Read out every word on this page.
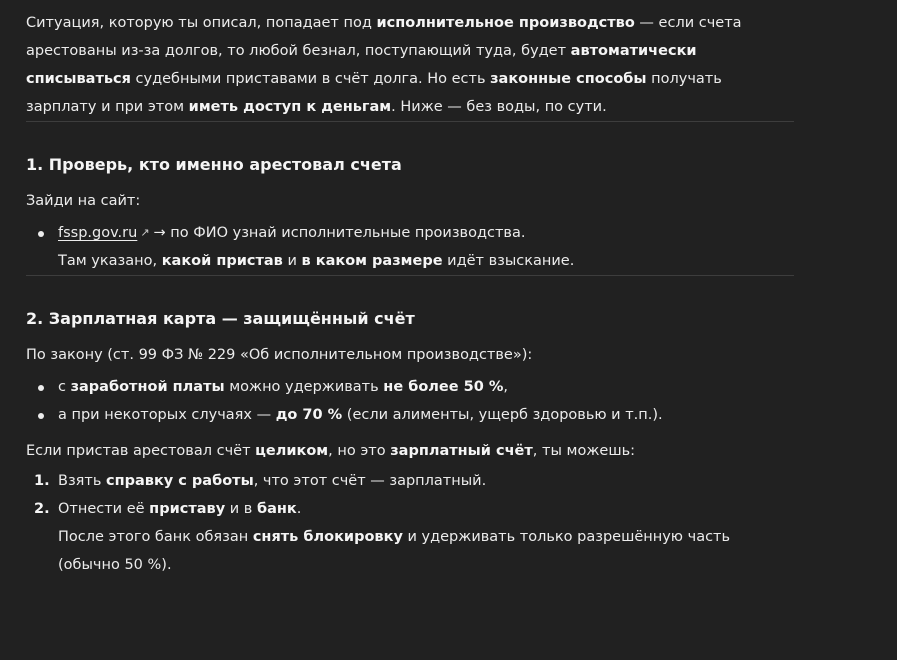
Ситуация, которую ты описал, попадает под исполнительное производство — если счета арестованы из-за долгов, то любой безнал, поступающий туда, будет автоматически списываться судебными приставами в счёт долга. Но есть законные способы получать зарплату и при этом иметь доступ к деньгам. Ниже — без воды, по сути.

1. Проверь, кто именно арестовал счета

Зайди на сайт:

fssp.gov.ru ↗ → по ФИО узнай исполнительные производства.
Там указано, какой пристав и в каком размере идёт взыскание.
2. Зарплатная карта — защищённый счёт

По закону (ст. 99 ФЗ № 229 «Об исполнительном производстве»):

с заработной платы можно удерживать не более 50 %,
а при некоторых случаях — до 70 % (если алименты, ущерб здоровью и т.п.).

Если пристав арестовал счёт целиком, но это зарплатный счёт, ты можешь:

1. Взять справку с работы, что этот счёт — зарплатный.
2. Отнести её приставу и в банк.
После этого банк обязан снять блокировку и удерживать только разрешённую часть (обычно 50 %).
